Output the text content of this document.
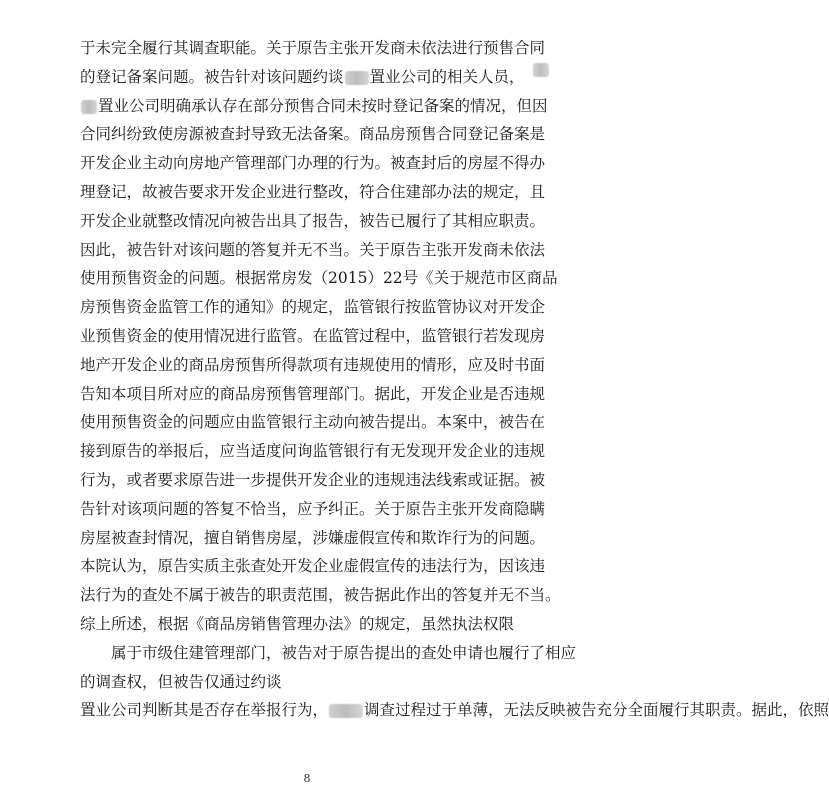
于未完全履行其调查职能。关于原告主张开发商未依法进行预售合同
的登记备案问题。被告针对该问题约谈 置业公司的相关人员，
置业公司明确承认存在部分预售合同未按时登记备案的情况，但因
合同纠纷致使房源被查封导致无法备案。商品房预售合同登记备案是
开发企业主动向房地产管理部门办理的行为。被查封后的房屋不得办
理登记，故被告要求开发企业进行整改，符合住建部办法的规定，且
开发企业就整改情况向被告出具了报告，被告已履行了其相应职责。
因此，被告针对该问题的答复并无不当。关于原告主张开发商未依法
使用预售资金的问题。根据常房发（2015）22号《关于规范市区商品
房预售资金监管工作的通知》的规定，监管银行按监管协议对开发企
业预售资金的使用情况进行监管。在监管过程中，监管银行若发现房
地产开发企业的商品房预售所得款项有违规使用的情形，应及时书面
告知本项目所对应的商品房预售管理部门。据此，开发企业是否违规
使用预售资金的问题应由监管银行主动向被告提出。本案中，被告在
接到原告的举报后，应当适度问询监管银行有无发现开发企业的违规
行为，或者要求原告进一步提供开发企业的违规违法线索或证据。被
告针对该项问题的答复不恰当，应予纠正。关于原告主张开发商隐瞒
房屋被查封情况，擅自销售房屋，涉嫌虚假宣传和欺诈行为的问题。
本院认为，原告实质主张查处开发企业虚假宣传的违法行为，因该违
法行为的查处不属于被告的职责范围，被告据此作出的答复并无不当。
综上所述，根据《商品房销售管理办法》的规定，虽然执法权限
属于市级住建管理部门，被告对于原告提出的查处申请也履行了相应
的调查权，但被告仅通过约谈
置业公司判断其是否存在举报行为， 调查过程过于单薄，无法反映被告充分全面履行其职责。据此，依照
8
